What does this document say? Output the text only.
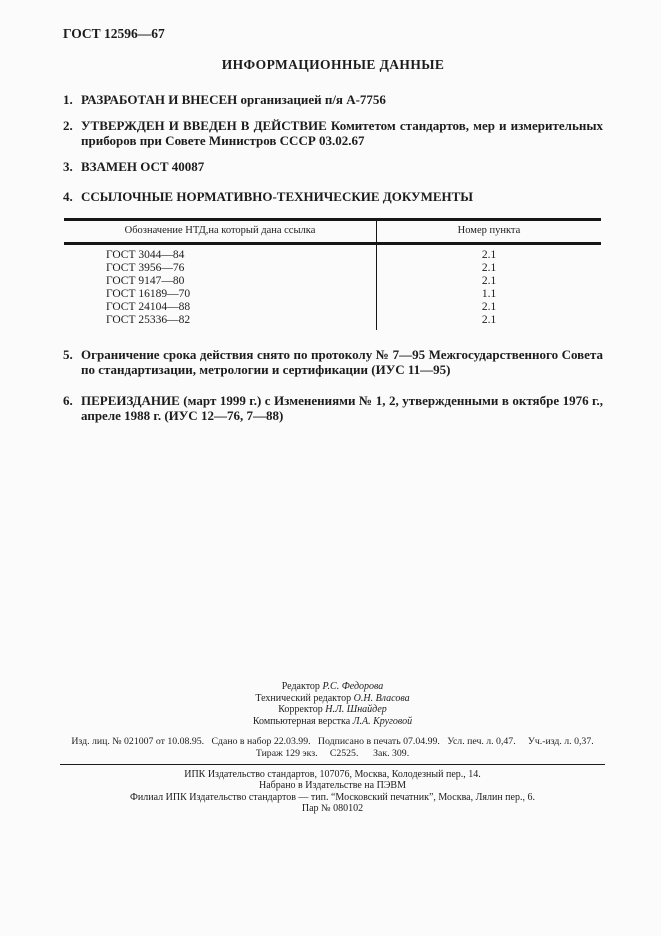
ГОСТ 12596—67
ИНФОРМАЦИОННЫЕ ДАННЫЕ
1. РАЗРАБОТАН И ВНЕСЕН организацией п/я А-7756
2. УТВЕРЖДЕН И ВВЕДЕН В ДЕЙСТВИЕ Комитетом стандартов, мер и измерительных приборов при Совете Министров СССР 03.02.67
3. ВЗАМЕН ОСТ 40087
4. ССЫЛОЧНЫЕ НОРМАТИВНО-ТЕХНИЧЕСКИЕ ДОКУМЕНТЫ
Обозначение НТД,на который дана ссылка	Номер пункта
ГОСТ 3044—84	2.1
ГОСТ 3956—76	2.1
ГОСТ 9147—80	2.1
ГОСТ 16189—70	1.1
ГОСТ 24104—88	2.1
ГОСТ 25336—82	2.1
5. Ограничение срока действия снято по протоколу № 7—95 Межгосударственного Совета по стандартизации, метрологии и сертификации (ИУС 11—95)
6. ПЕРЕИЗДАНИЕ (март 1999 г.) с Изменениями № 1, 2, утвержденными в октябре 1976 г., апреле 1988 г. (ИУС 12—76, 7—88)
Редактор Р.С. Федорова
Технический редактор О.Н. Власова
Корректор Н.Л. Шнайдер
Компьютерная верстка Л.А. Круговой
Изд. лиц. № 021007 от 10.08.95.   Сдано в набор 22.03.99.   Подписано в печать 07.04.99.   Усл. печ. л. 0,47.     Уч.-изд. л. 0,37.
Тираж 129 экз.     С2525.      Зак. 309.
ИПК Издательство стандартов, 107076, Москва, Колодезный пер., 14.
Набрано в Издательстве на ПЭВМ
Филиал ИПК Издательство стандартов — тип. “Московский печатник”, Москва, Лялин пер., 6.
Пар № 080102
